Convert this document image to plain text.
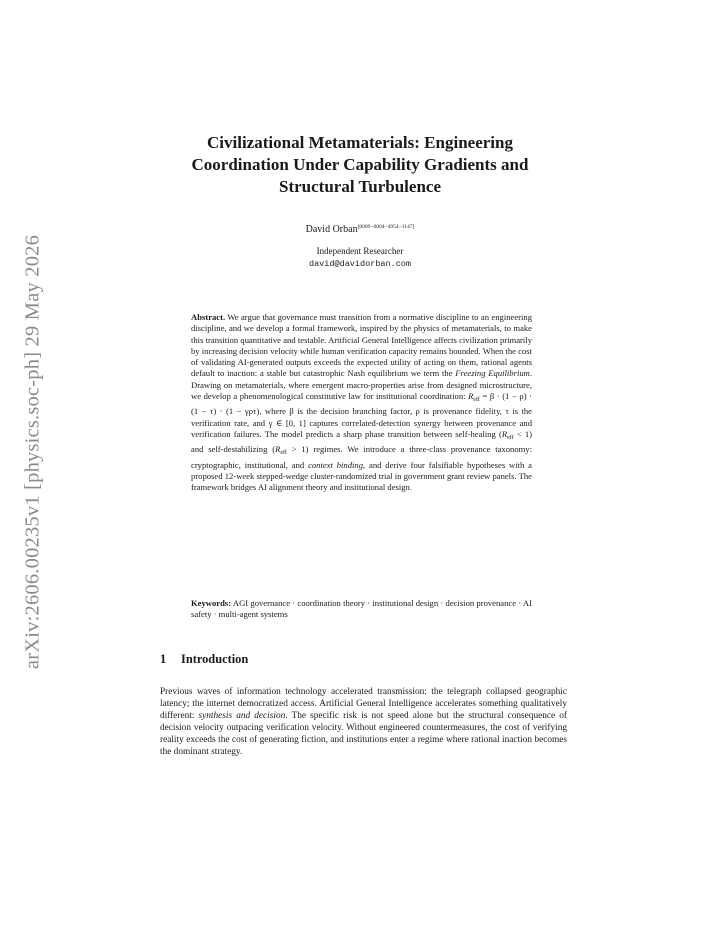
arXiv:2606.00235v1 [physics.soc-ph] 29 May 2026
Civilizational Metamaterials: Engineering Coordination Under Capability Gradients and Structural Turbulence
David Orban[0009−0004−4954−1147]
Independent Researcher
david@davidorban.com

Abstract. We argue that governance must transition from a normative discipline to an engineering discipline, and we develop a formal framework, inspired by the physics of metamaterials, to make this transition quantitative and testable. Artificial General Intelligence affects civilization primarily by increasing decision velocity while human verification capacity remains bounded. When the cost of validating AI-generated outputs exceeds the expected utility of acting on them, rational agents default to inaction: a stable but catastrophic Nash equilibrium we term the Freezing Equilibrium. Drawing on metamaterials, where emergent macro-properties arise from designed microstructure, we develop a phenomenological constitutive law for institutional coordination: $R_{eff} = \beta \cdot (1 - \rho) \cdot (1 - \tau) \cdot (1 - \gamma\rho\tau)$, where β is the decision branching factor, ρ is provenance fidelity, τ is the verification rate, and γ ∈ [0, 1] captures correlated-detection synergy between provenance and verification failures. The model predicts a sharp phase transition between self-healing $(R_{eff} < 1)$ and self-destabilizing $(R_{eff} > 1)$ regimes. We introduce a three-class provenance taxonomy: cryptographic, institutional, and context binding, and derive four falsifiable hypotheses with a proposed 12-week stepped-wedge cluster-randomized trial in government grant review panels. The framework bridges AI alignment theory and institutional design.

Keywords: AGI governance · coordination theory · institutional design · decision provenance · AI safety · multi-agent systems

1 Introduction

Previous waves of information technology accelerated transmission: the telegraph collapsed geographic latency; the internet democratized access. Artificial General Intelligence accelerates something qualitatively different: synthesis and decision. The specific risk is not speed alone but the structural consequence of decision velocity outpacing verification velocity. Without engineered countermeasures, the cost of verifying reality exceeds the cost of generating fiction, and institutions enter a regime where rational inaction becomes the dominant strategy.
